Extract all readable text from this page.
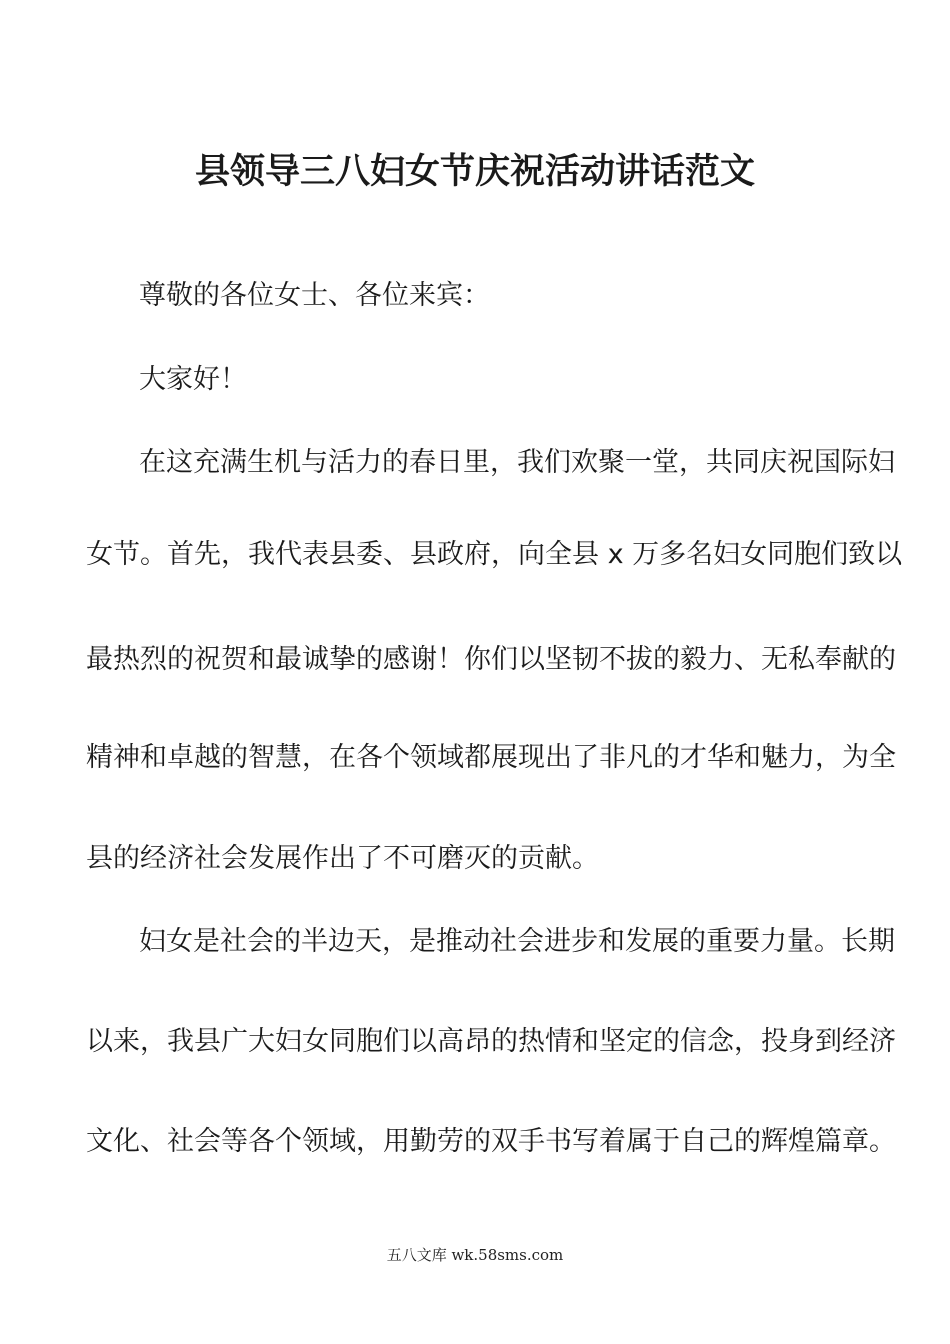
县领导三八妇女节庆祝活动讲话范文

尊敬的各位女士、各位来宾：

大家好！

在这充满生机与活力的春日里，我们欢聚一堂，共同庆祝国际妇

女节。首先，我代表县委、县政府，向全县 x 万多名妇女同胞们致以

最热烈的祝贺和最诚挚的感谢！你们以坚韧不拔的毅力、无私奉献的

精神和卓越的智慧，在各个领域都展现出了非凡的才华和魅力，为全

县的经济社会发展作出了不可磨灭的贡献。

妇女是社会的半边天，是推动社会进步和发展的重要力量。长期

以来，我县广大妇女同胞们以高昂的热情和坚定的信念，投身到经济

文化、社会等各个领域，用勤劳的双手书写着属于自己的辉煌篇章。

五八文库 wk.58sms.com
